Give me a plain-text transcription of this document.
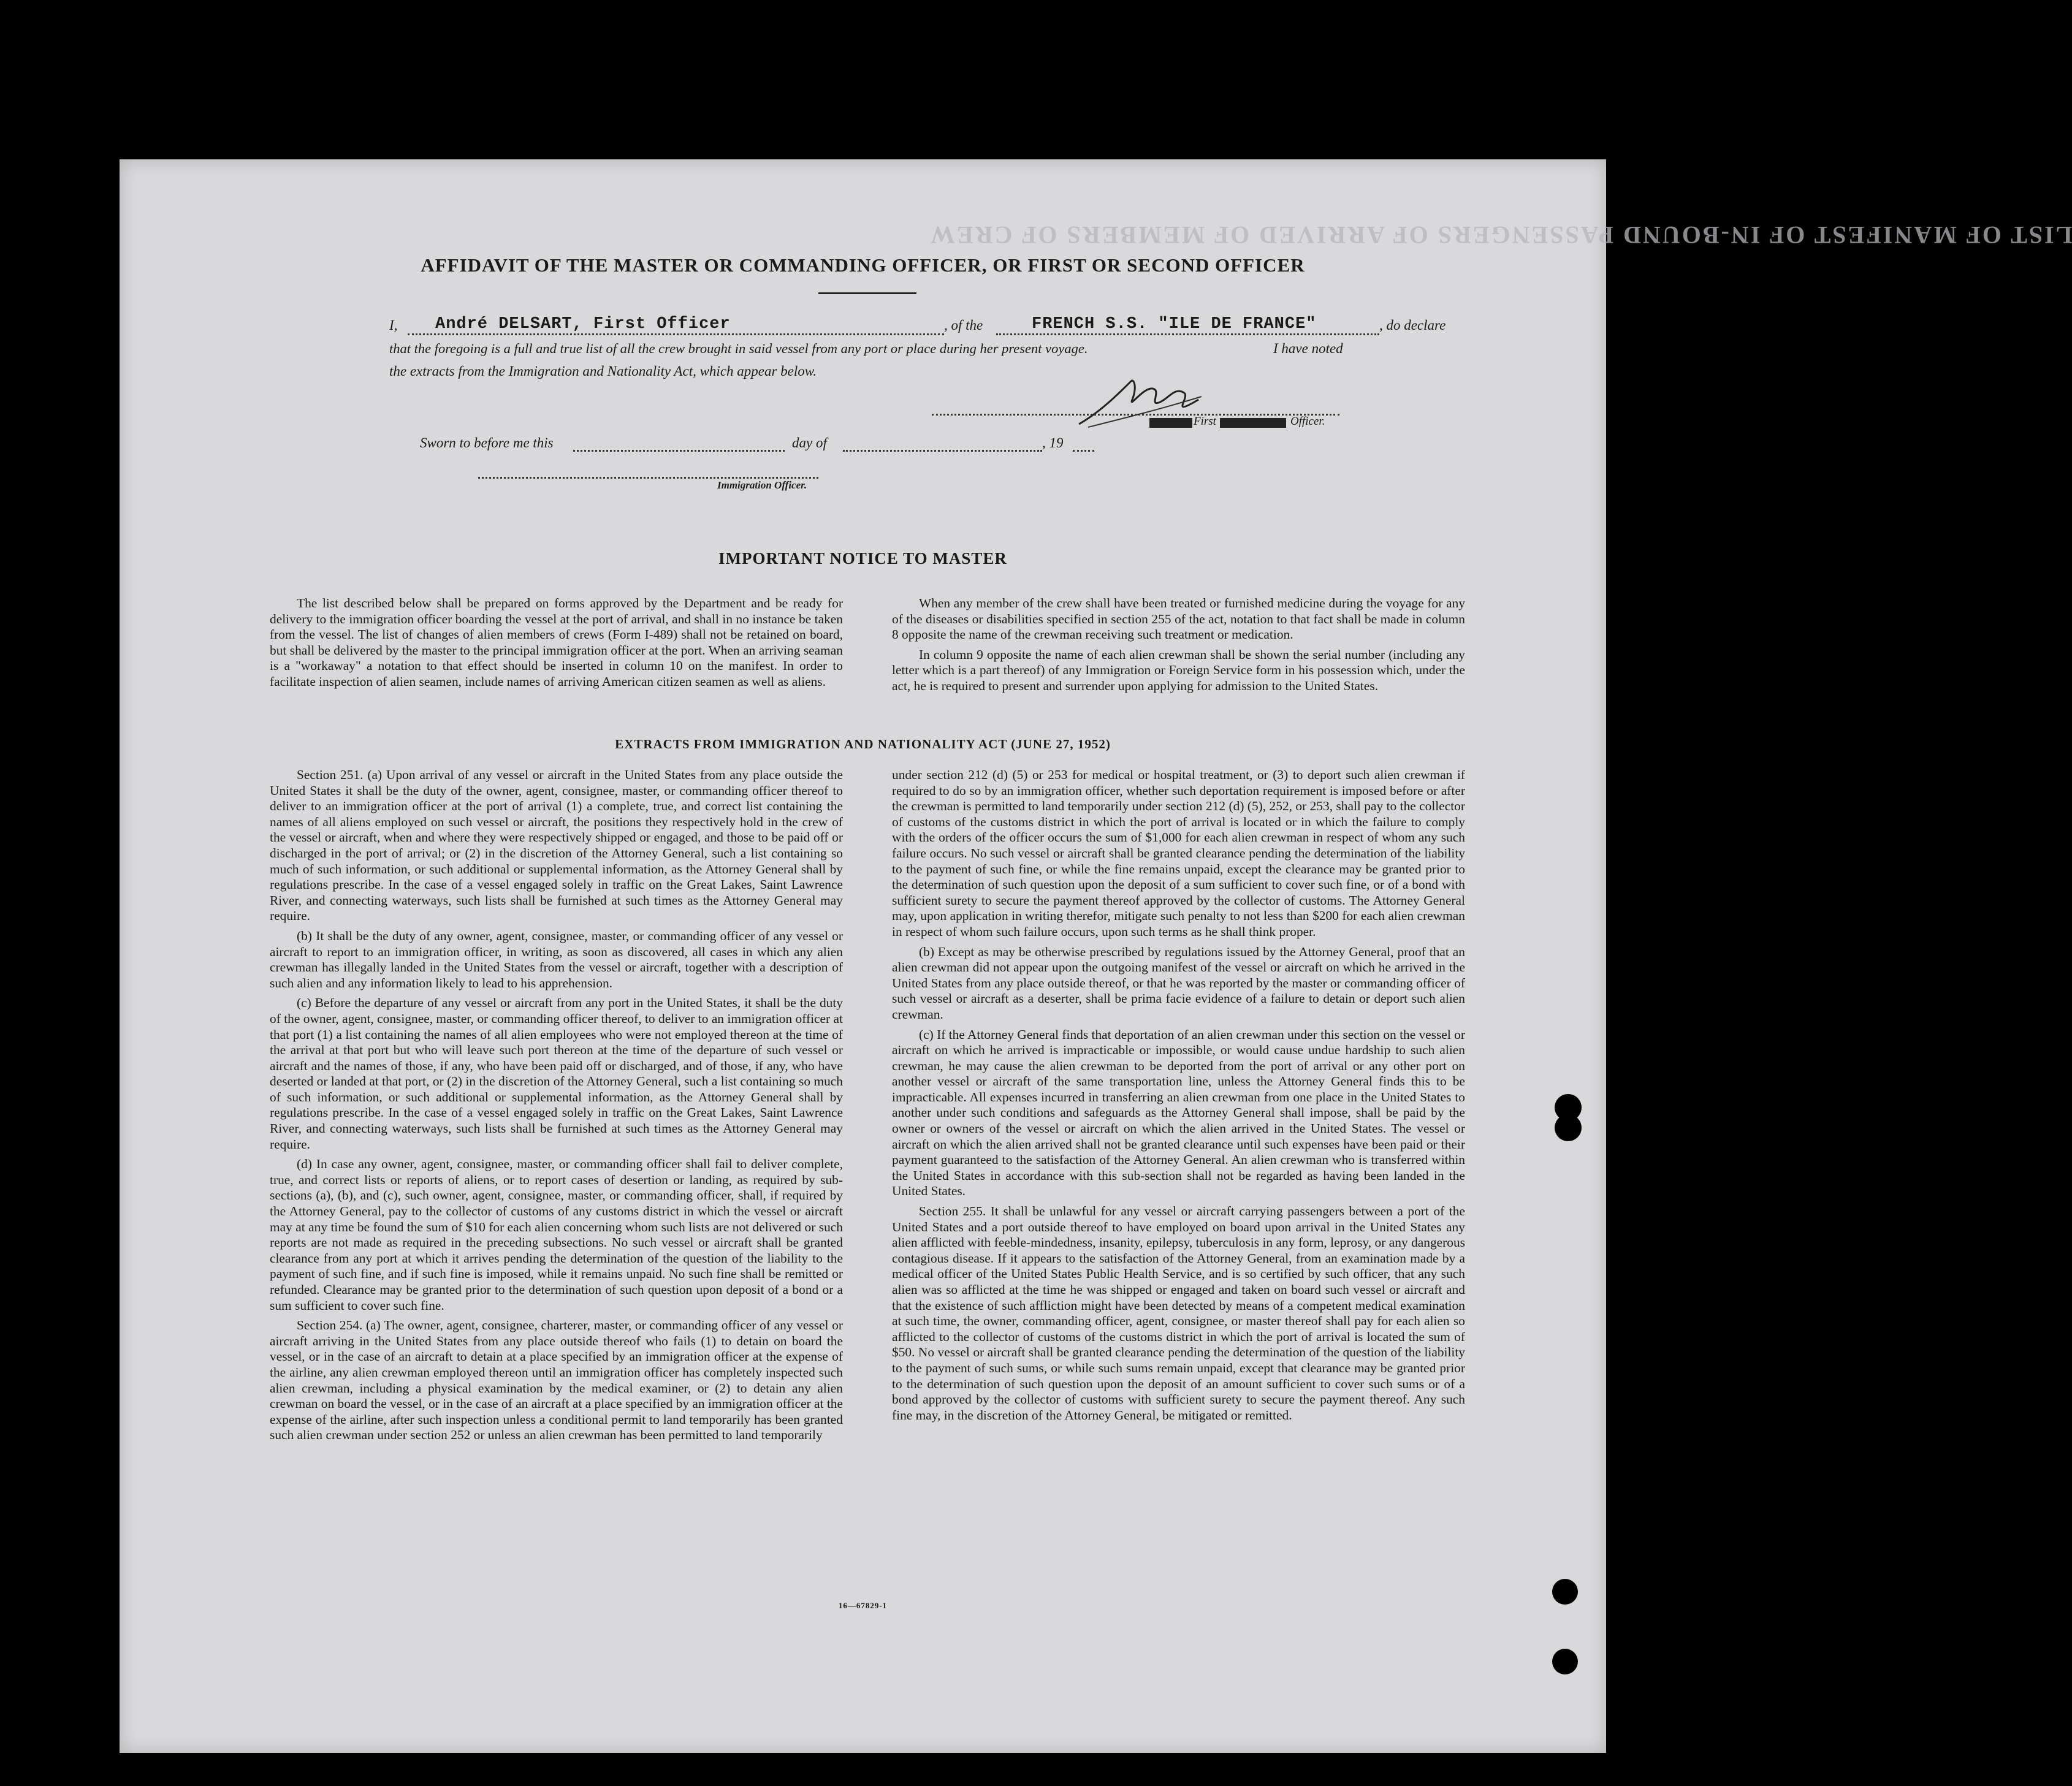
LIST OF MANIFEST OF IN-BOUND PASSENGERS OF ARRIVED OF MEMBERS OF CREW
AFFIDAVIT OF THE MASTER OR COMMANDING OFFICER, OR FIRST OR SECOND OFFICER
I, André DELSART, First Officer	, of the	FRENCH S.S. "ILE DE FRANCE"	, do declare
that the foregoing is a full and true list of all the crew brought in said vessel from any port or place during her present voyage.	I have noted
the extracts from the Immigration and Nationality Act, which appear below.
First	Officer.
Sworn to before me this	day of	, 19
Immigration Officer.
IMPORTANT NOTICE TO MASTER

The list described below shall be prepared on forms approved by the Department and be ready for delivery to the immigration officer boarding the vessel at the port of arrival, and shall in no instance be taken from the vessel. The list of changes of alien members of crews (Form I-489) shall not be retained on board, but shall be delivered by the master to the principal immigration officer at the port. When an arriving seaman is a "workaway" a notation to that effect should be inserted in column 10 on the manifest. In order to facilitate inspection of alien seamen, include names of arriving American citizen seamen as well as aliens.

When any member of the crew shall have been treated or furnished medicine during the voyage for any of the diseases or disabilities specified in section 255 of the act, notation to that fact shall be made in column 8 opposite the name of the crewman receiving such treatment or medication.

In column 9 opposite the name of each alien crewman shall be shown the serial number (including any letter which is a part thereof) of any Immigration or Foreign Service form in his possession which, under the act, he is required to present and surrender upon applying for admission to the United States.

EXTRACTS FROM IMMIGRATION AND NATIONALITY ACT (JUNE 27, 1952)

Section 251. (a) Upon arrival of any vessel or aircraft in the United States from any place outside the United States it shall be the duty of the owner, agent, consignee, master, or commanding officer thereof to deliver to an immigration officer at the port of arrival (1) a complete, true, and correct list containing the names of all aliens employed on such vessel or aircraft, the positions they respectively hold in the crew of the vessel or aircraft, when and where they were respectively shipped or engaged, and those to be paid off or discharged in the port of arrival; or (2) in the discretion of the Attorney General, such a list containing so much of such information, or such additional or supplemental information, as the Attorney General shall by regulations prescribe. In the case of a vessel engaged solely in traffic on the Great Lakes, Saint Lawrence River, and connecting waterways, such lists shall be furnished at such times as the Attorney General may require.

(b) It shall be the duty of any owner, agent, consignee, master, or commanding officer of any vessel or aircraft to report to an immigration officer, in writing, as soon as discovered, all cases in which any alien crewman has illegally landed in the United States from the vessel or aircraft, together with a description of such alien and any information likely to lead to his apprehension.

(c) Before the departure of any vessel or aircraft from any port in the United States, it shall be the duty of the owner, agent, consignee, master, or commanding officer thereof, to deliver to an immigration officer at that port (1) a list containing the names of all alien employees who were not employed thereon at the time of the arrival at that port but who will leave such port thereon at the time of the departure of such vessel or aircraft and the names of those, if any, who have been paid off or discharged, and of those, if any, who have deserted or landed at that port, or (2) in the discretion of the Attorney General, such a list containing so much of such information, or such additional or supplemental information, as the Attorney General shall by regulations prescribe. In the case of a vessel engaged solely in traffic on the Great Lakes, Saint Lawrence River, and connecting waterways, such lists shall be furnished at such times as the Attorney General may require.

(d) In case any owner, agent, consignee, master, or commanding officer shall fail to deliver complete, true, and correct lists or reports of aliens, or to report cases of desertion or landing, as required by sub-sections (a), (b), and (c), such owner, agent, consignee, master, or commanding officer, shall, if required by the Attorney General, pay to the collector of customs of any customs district in which the vessel or aircraft may at any time be found the sum of $10 for each alien concerning whom such lists are not delivered or such reports are not made as required in the preceding subsections. No such vessel or aircraft shall be granted clearance from any port at which it arrives pending the determination of the question of the liability to the payment of such fine, and if such fine is imposed, while it remains unpaid. No such fine shall be remitted or refunded. Clearance may be granted prior to the determination of such question upon deposit of a bond or a sum sufficient to cover such fine.

Section 254. (a) The owner, agent, consignee, charterer, master, or commanding officer of any vessel or aircraft arriving in the United States from any place outside thereof who fails (1) to detain on board the vessel, or in the case of an aircraft to detain at a place specified by an immigration officer at the expense of the airline, any alien crewman employed thereon until an immigration officer has completely inspected such alien crewman, including a physical examination by the medical examiner, or (2) to detain any alien crewman on board the vessel, or in the case of an aircraft at a place specified by an immigration officer at the expense of the airline, after such inspection unless a conditional permit to land temporarily has been granted such alien crewman under section 252 or unless an alien crewman has been permitted to land temporarily

under section 212 (d) (5) or 253 for medical or hospital treatment, or (3) to deport such alien crewman if required to do so by an immigration officer, whether such deportation requirement is imposed before or after the crewman is permitted to land temporarily under section 212 (d) (5), 252, or 253, shall pay to the collector of customs of the customs district in which the port of arrival is located or in which the failure to comply with the orders of the officer occurs the sum of $1,000 for each alien crewman in respect of whom any such failure occurs. No such vessel or aircraft shall be granted clearance pending the determination of the liability to the payment of such fine, or while the fine remains unpaid, except the clearance may be granted prior to the determination of such question upon the deposit of a sum sufficient to cover such fine, or of a bond with sufficient surety to secure the payment thereof approved by the collector of customs. The Attorney General may, upon application in writing therefor, mitigate such penalty to not less than $200 for each alien crewman in respect of whom such failure occurs, upon such terms as he shall think proper.

(b) Except as may be otherwise prescribed by regulations issued by the Attorney General, proof that an alien crewman did not appear upon the outgoing manifest of the vessel or aircraft on which he arrived in the United States from any place outside thereof, or that he was reported by the master or commanding officer of such vessel or aircraft as a deserter, shall be prima facie evidence of a failure to detain or deport such alien crewman.

(c) If the Attorney General finds that deportation of an alien crewman under this section on the vessel or aircraft on which he arrived is impracticable or impossible, or would cause undue hardship to such alien crewman, he may cause the alien crewman to be deported from the port of arrival or any other port on another vessel or aircraft of the same transportation line, unless the Attorney General finds this to be impracticable. All expenses incurred in transferring an alien crewman from one place in the United States to another under such conditions and safeguards as the Attorney General shall impose, shall be paid by the owner or owners of the vessel or aircraft on which the alien arrived in the United States. The vessel or aircraft on which the alien arrived shall not be granted clearance until such expenses have been paid or their payment guaranteed to the satisfaction of the Attorney General. An alien crewman who is transferred within the United States in accordance with this sub-section shall not be regarded as having been landed in the United States.

Section 255. It shall be unlawful for any vessel or aircraft carrying passengers between a port of the United States and a port outside thereof to have employed on board upon arrival in the United States any alien afflicted with feeble-mindedness, insanity, epilepsy, tuberculosis in any form, leprosy, or any dangerous contagious disease. If it appears to the satisfaction of the Attorney General, from an examination made by a medical officer of the United States Public Health Service, and is so certified by such officer, that any such alien was so afflicted at the time he was shipped or engaged and taken on board such vessel or aircraft and that the existence of such affliction might have been detected by means of a competent medical examination at such time, the owner, commanding officer, agent, consignee, or master thereof shall pay for each alien so afflicted to the collector of customs of the customs district in which the port of arrival is located the sum of $50. No vessel or aircraft shall be granted clearance pending the determination of the question of the liability to the payment of such sums, or while such sums remain unpaid, except that clearance may be granted prior to the determination of such question upon the deposit of an amount sufficient to cover such sums or of a bond approved by the collector of customs with sufficient surety to secure the payment thereof. Any such fine may, in the discretion of the Attorney General, be mitigated or remitted.

16—67829-1
